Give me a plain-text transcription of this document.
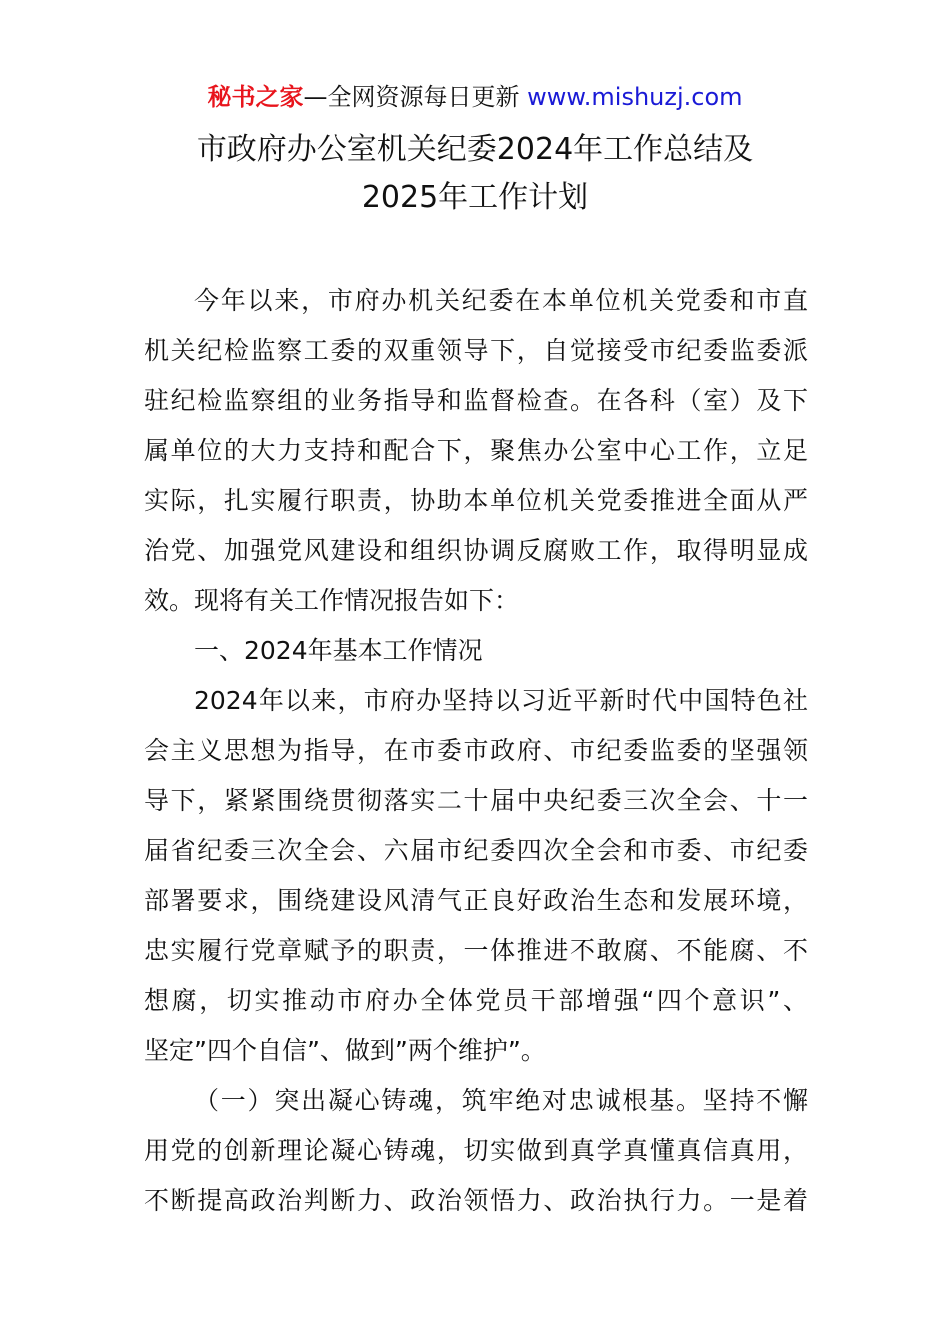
秘书之家—全网资源每日更新 www.mishuzj.com
市政府办公室机关纪委2024年工作总结及
2025年工作计划
今年以来，市府办机关纪委在本单位机关党委和市直
机关纪检监察工委的双重领导下，自觉接受市纪委监委派
驻纪检监察组的业务指导和监督检查。在各科（室）及下
属单位的大力支持和配合下，聚焦办公室中心工作，立足
实际，扎实履行职责，协助本单位机关党委推进全面从严
治党、加强党风建设和组织协调反腐败工作，取得明显成
效。现将有关工作情况报告如下：
一、2024年基本工作情况
2024年以来，市府办坚持以习近平新时代中国特色社
会主义思想为指导，在市委市政府、市纪委监委的坚强领
导下，紧紧围绕贯彻落实二十届中央纪委三次全会、十一
届省纪委三次全会、六届市纪委四次全会和市委、市纪委
部署要求，围绕建设风清气正良好政治生态和发展环境，
忠实履行党章赋予的职责，一体推进不敢腐、不能腐、不
想腐，切实推动市府办全体党员干部增强“四个意识”、
坚定”四个自信”、做到”两个维护”。
（一）突出凝心铸魂，筑牢绝对忠诚根基。坚持不懈
用党的创新理论凝心铸魂，切实做到真学真懂真信真用，
不断提高政治判断力、政治领悟力、政治执行力。一是着
